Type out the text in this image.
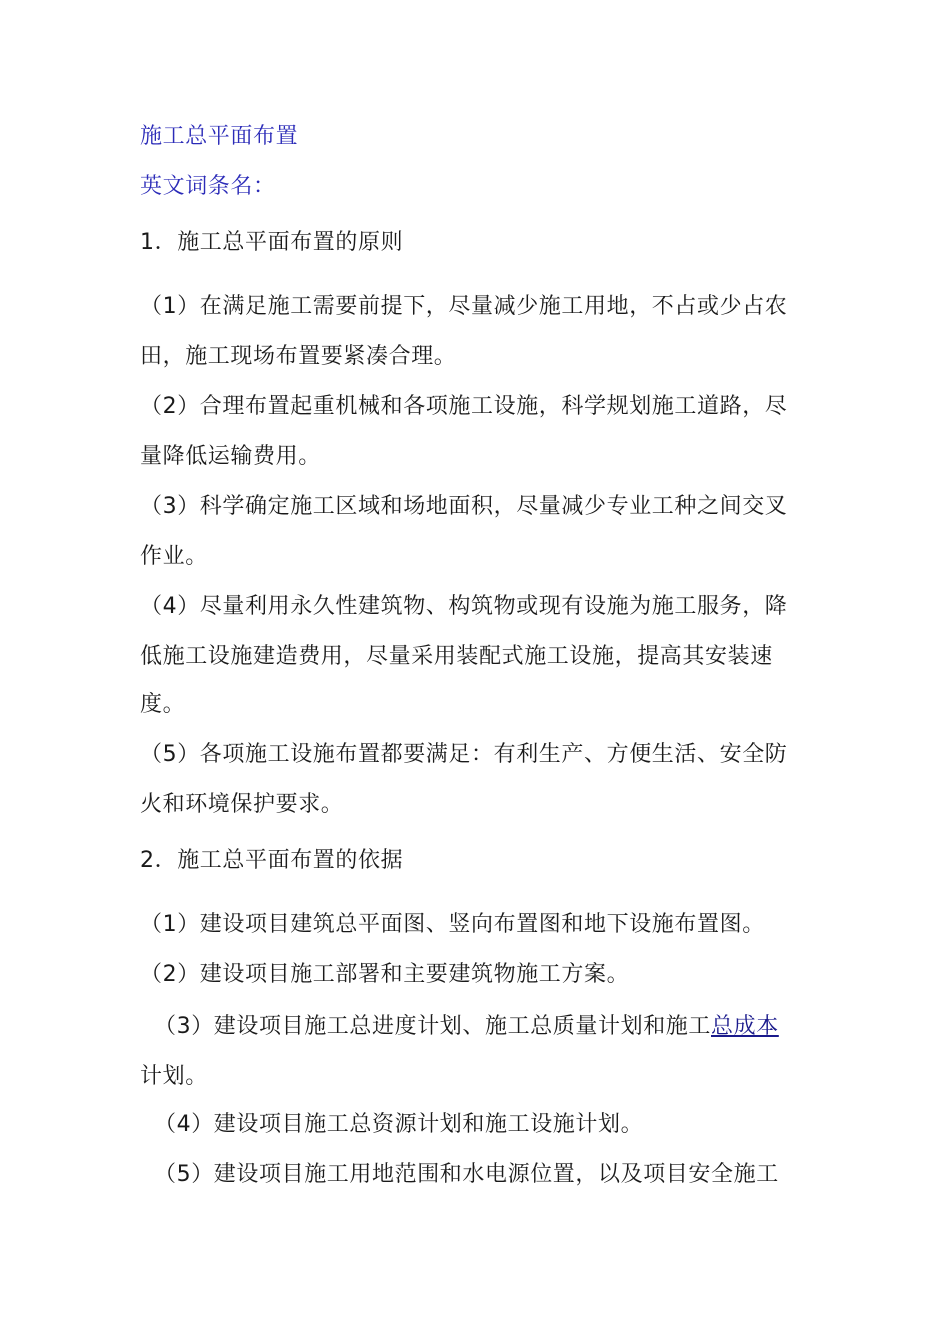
施工总平面布置
英文词条名：
1．施工总平面布置的原则
（1）在满足施工需要前提下，尽量减少施工用地，不占或少占农
田，施工现场布置要紧凑合理。
（2）合理布置起重机械和各项施工设施，科学规划施工道路，尽
量降低运输费用。
（3）科学确定施工区域和场地面积，尽量减少专业工种之间交叉
作业。
（4）尽量利用永久性建筑物、构筑物或现有设施为施工服务，降
低施工设施建造费用，尽量采用装配式施工设施，提高其安装速
度。
（5）各项施工设施布置都要满足：有利生产、方便生活、安全防
火和环境保护要求。
2．施工总平面布置的依据
（1）建设项目建筑总平面图、竖向布置图和地下设施布置图。
（2）建设项目施工部署和主要建筑物施工方案。
（3）建设项目施工总进度计划、施工总质量计划和施工总成本
计划。
（4）建设项目施工总资源计划和施工设施计划。
（5）建设项目施工用地范围和水电源位置，以及项目安全施工
